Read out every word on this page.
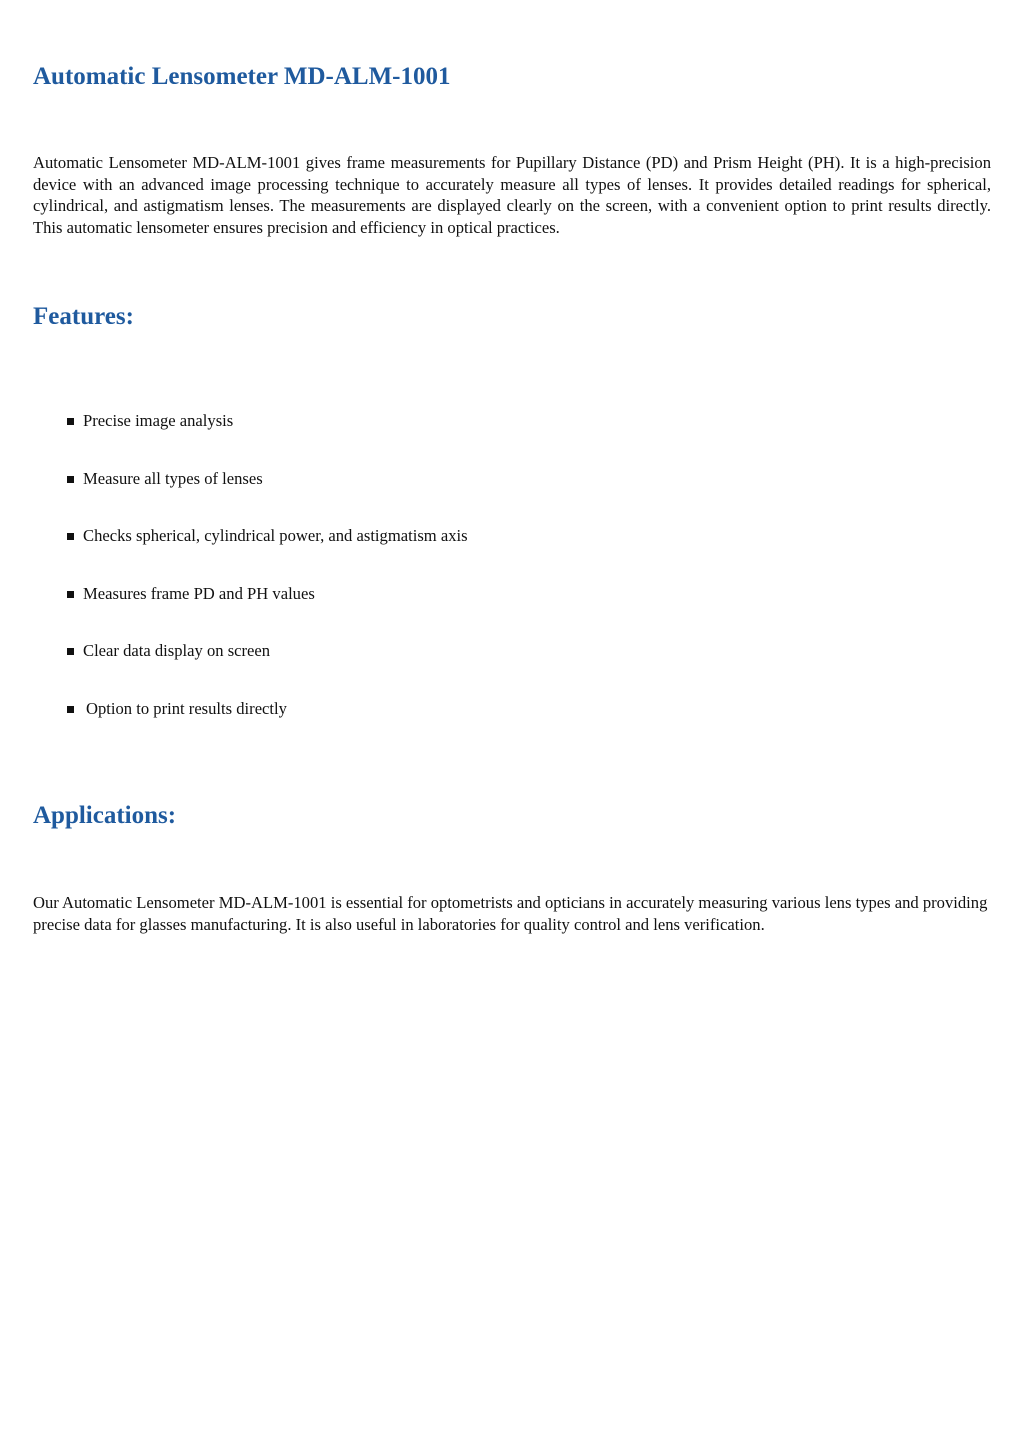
Automatic Lensometer MD-ALM-1001

Automatic Lensometer MD-ALM-1001 gives frame measurements for Pupillary Distance (PD) and Prism Height (PH). It is a high-precision device with an advanced image processing technique to accurately measure all types of lenses. It provides detailed readings for spherical, cylindrical, and astigmatism lenses. The measurements are displayed clearly on the screen, with a convenient option to print results directly. This automatic lensometer ensures precision and efficiency in optical practices.

Features:
Precise image analysis
Measure all types of lenses
Checks spherical, cylindrical power, and astigmatism axis
Measures frame PD and PH values
Clear data display on screen
Option to print results directly
Applications:

Our Automatic Lensometer MD-ALM-1001 is essential for optometrists and opticians in accurately measuring various lens types and providing precise data for glasses manufacturing. It is also useful in laboratories for quality control and lens verification.
